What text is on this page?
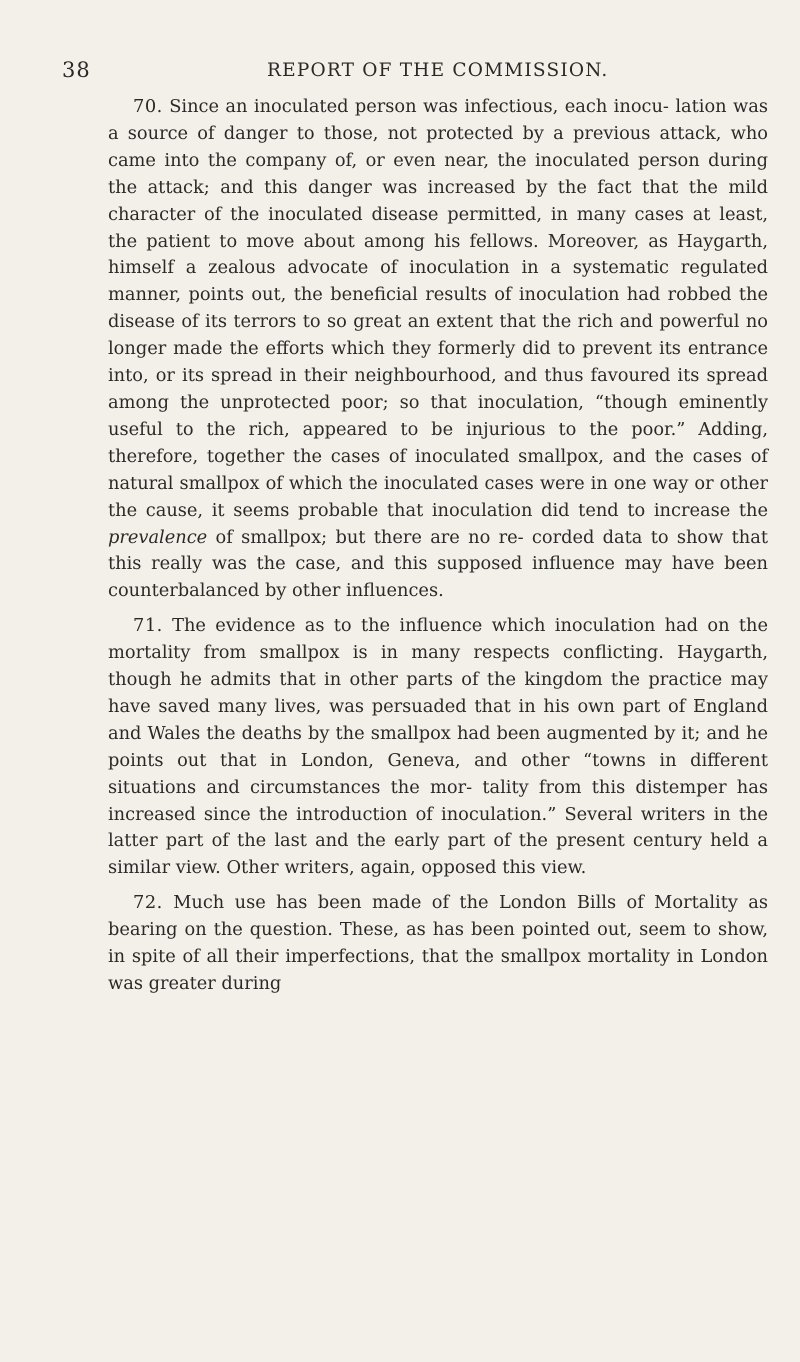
38	REPORT OF THE COMMISSION.

70. Since an inoculated person was infectious, each inocu- lation was a source of danger to those, not protected by a previous attack, who came into the company of, or even near, the inoculated person during the attack; and this danger was increased by the fact that the mild character of the inoculated disease permitted, in many cases at least, the patient to move about among his fellows. Moreover, as Haygarth, himself a zealous advocate of inoculation in a systematic regulated manner, points out, the beneficial results of inoculation had robbed the disease of its terrors to so great an extent that the rich and powerful no longer made the efforts which they formerly did to prevent its entrance into, or its spread in their neighbourhood, and thus favoured its spread among the unprotected poor; so that inoculation, “though eminently useful to the rich, appeared to be injurious to the poor.” Adding, therefore, together the cases of inoculated smallpox, and the cases of natural smallpox of which the inoculated cases were in one way or other the cause, it seems probable that inoculation did tend to increase the prevalence of smallpox; but there are no re- corded data to show that this really was the case, and this supposed influence may have been counterbalanced by other influences.

71. The evidence as to the influence which inoculation had on the mortality from smallpox is in many respects conflicting. Haygarth, though he admits that in other parts of the kingdom the practice may have saved many lives, was persuaded that in his own part of England and Wales the deaths by the smallpox had been augmented by it; and he points out that in London, Geneva, and other “towns in different situations and circumstances the mor- tality from this distemper has increased since the introduction of inoculation.” Several writers in the latter part of the last and the early part of the present century held a similar view. Other writers, again, opposed this view.

72. Much use has been made of the London Bills of Mortality as bearing on the question. These, as has been pointed out, seem to show, in spite of all their imperfections, that the smallpox mortality in London was greater during
